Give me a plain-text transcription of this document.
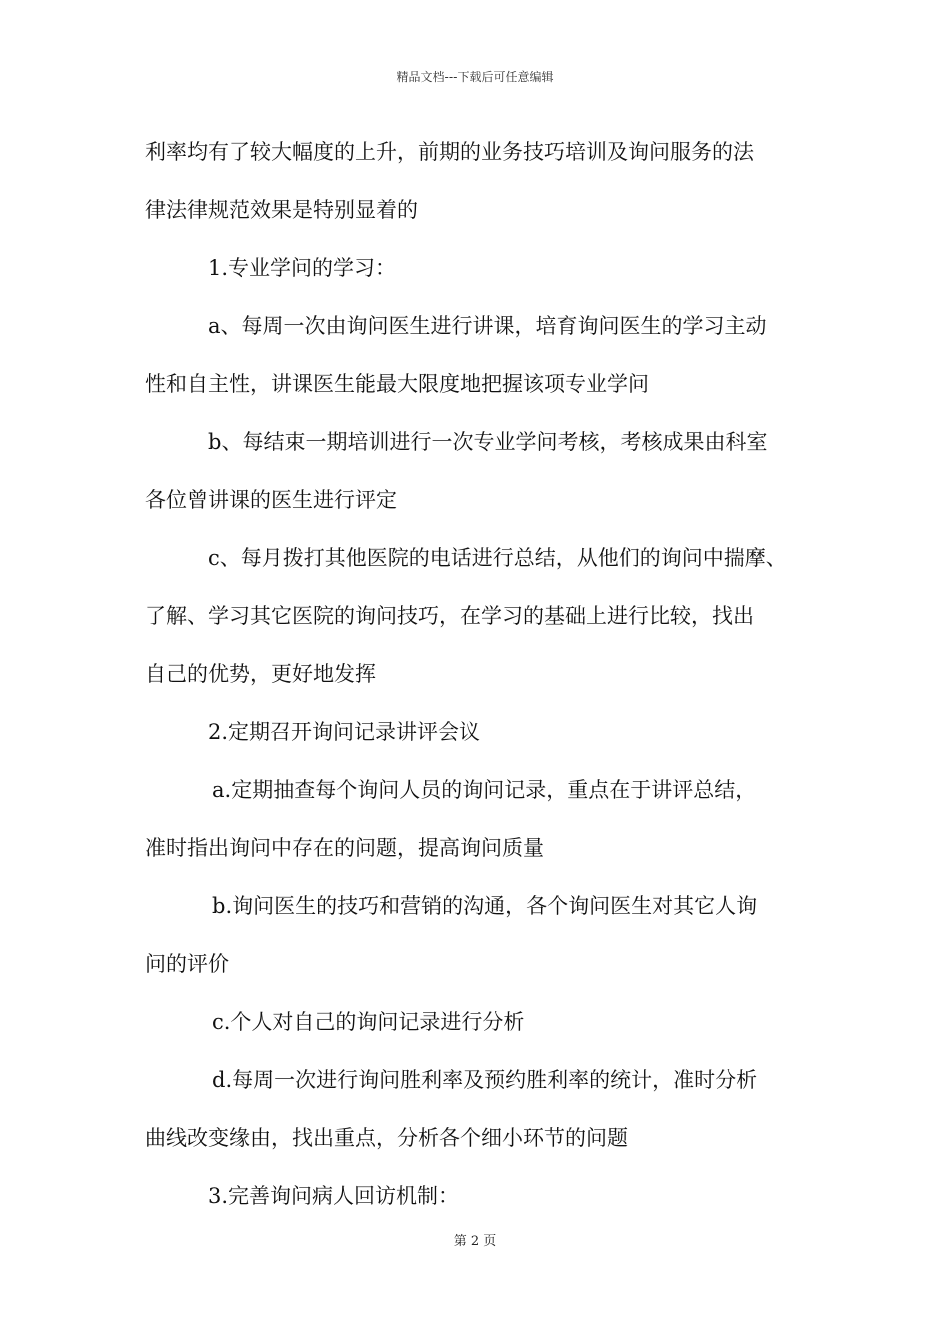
精品文档---下载后可任意编辑
利率均有了较大幅度的上升，前期的业务技巧培训及询问服务的法
律法律规范效果是特别显着的
1.专业学问的学习：
a、每周一次由询问医生进行讲课，培育询问医生的学习主动
性和自主性，讲课医生能最大限度地把握该项专业学问
b、每结束一期培训进行一次专业学问考核，考核成果由科室
各位曾讲课的医生进行评定
c、每月拨打其他医院的电话进行总结，从他们的询问中揣摩、
了解、学习其它医院的询问技巧，在学习的基础上进行比较，找出
自己的优势，更好地发挥
2.定期召开询问记录讲评会议
a.定期抽查每个询问人员的询问记录，重点在于讲评总结，
准时指出询问中存在的问题，提高询问质量
b.询问医生的技巧和营销的沟通，各个询问医生对其它人询
问的评价
c.个人对自己的询问记录进行分析
d.每周一次进行询问胜利率及预约胜利率的统计，准时分析
曲线改变缘由，找出重点，分析各个细小环节的问题
3.完善询问病人回访机制：
第 2 页
